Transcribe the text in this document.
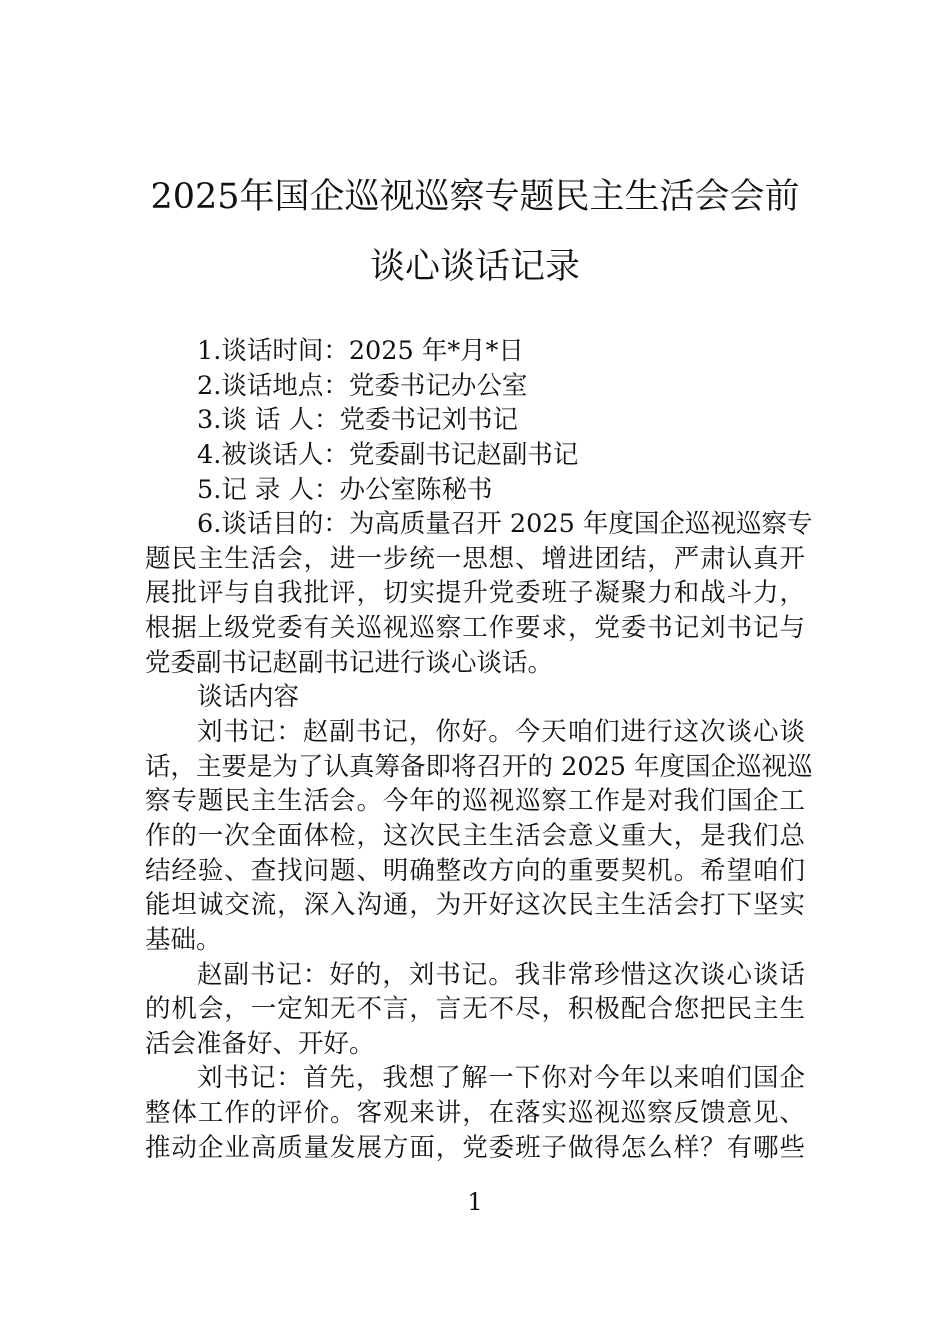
2025年国企巡视巡察专题民主生活会会前
谈心谈话记录
1.谈话时间：2025 年*月*日
2.谈话地点：党委书记办公室
3.谈 话 人：党委书记刘书记
4.被谈话人：党委副书记赵副书记
5.记 录 人：办公室陈秘书
6.谈话目的：为高质量召开 2025 年度国企巡视巡察专
题民主生活会，进一步统一思想、增进团结，严肃认真开
展批评与自我批评，切实提升党委班子凝聚力和战斗力，
根据上级党委有关巡视巡察工作要求，党委书记刘书记与
党委副书记赵副书记进行谈心谈话。
谈话内容
刘书记：赵副书记，你好。今天咱们进行这次谈心谈
话，主要是为了认真筹备即将召开的 2025 年度国企巡视巡
察专题民主生活会。今年的巡视巡察工作是对我们国企工
作的一次全面体检，这次民主生活会意义重大，是我们总
结经验、查找问题、明确整改方向的重要契机。希望咱们
能坦诚交流，深入沟通，为开好这次民主生活会打下坚实
基础。
赵副书记：好的，刘书记。我非常珍惜这次谈心谈话
的机会，一定知无不言，言无不尽，积极配合您把民主生
活会准备好、开好。
刘书记：首先，我想了解一下你对今年以来咱们国企
整体工作的评价。客观来讲，在落实巡视巡察反馈意见、
推动企业高质量发展方面，党委班子做得怎么样？有哪些
1
